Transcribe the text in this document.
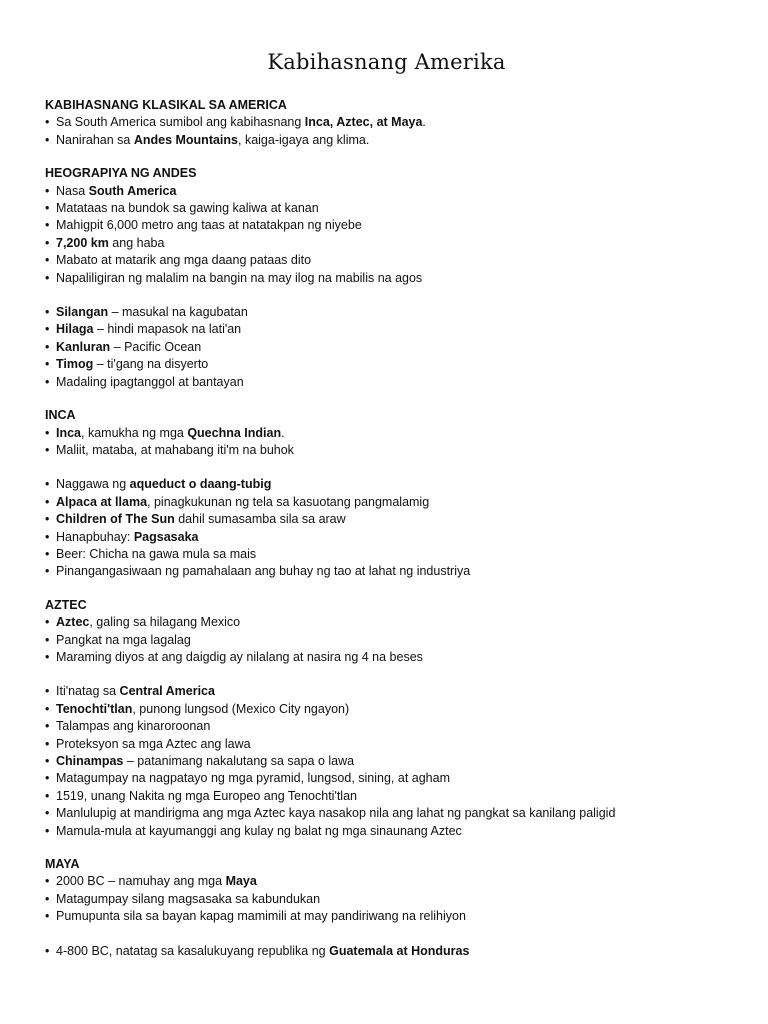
Kabihasnang Amerika
KABIHASNANG KLASIKAL SA AMERICA
• Sa South America sumibol ang kabihasnang Inca, Aztec, at Maya.
• Nanirahan sa Andes Mountains, kaiga-igaya ang klima.
HEOGRAPIYA NG ANDES
• Nasa South America
• Matataas na bundok sa gawing kaliwa at kanan
• Mahigpit 6,000 metro ang taas at natatakpan ng niyebe
• 7,200 km ang haba
• Mabato at matarik ang mga daang pataas dito
• Napaliligiran ng malalim na bangin na may ilog na mabilis na agos
• Silangan – masukal na kagubatan
• Hilaga – hindi mapasok na lati'an
• Kanluran – Pacific Ocean
• Timog – ti'gang na disyerto
• Madaling ipagtanggol at bantayan
INCA
• Inca, kamukha ng mga Quechna Indian.
• Maliit, mataba, at mahabang iti'm na buhok
• Naggawa ng aqueduct o daang-tubig
• Alpaca at llama, pinagkukunan ng tela sa kasuotang pangmalamig
• Children of The Sun dahil sumasamba sila sa araw
• Hanapbuhay: Pagsasaka
• Beer: Chicha na gawa mula sa mais
• Pinangangasiwaan ng pamahalaan ang buhay ng tao at lahat ng industriya
AZTEC
• Aztec, galing sa hilagang Mexico
• Pangkat na mga lagalag
• Maraming diyos at ang daigdig ay nilalang at nasira ng 4 na beses
• Iti'natag sa Central America
• Tenochti'tlan, punong lungsod (Mexico City ngayon)
• Talampas ang kinaroroonan
• Proteksyon sa mga Aztec ang lawa
• Chinampas – patanimang nakalutang sa sapa o lawa
• Matagumpay na nagpatayo ng mga pyramid, lungsod, sining, at agham
• 1519, unang Nakita ng mga Europeo ang Tenochti'tlan
• Manlulupig at mandirigma ang mga Aztec kaya nasakop nila ang lahat ng pangkat sa kanilang paligid
• Mamula-mula at kayumanggi ang kulay ng balat ng mga sinaunang Aztec
MAYA
• 2000 BC – namuhay ang mga Maya
• Matagumpay silang magsasaka sa kabundukan
• Pumupunta sila sa bayan kapag mamimili at may pandiriwang na relihiyon
• 4-800 BC, natatag sa kasalukuyang republika ng Guatemala at Honduras
